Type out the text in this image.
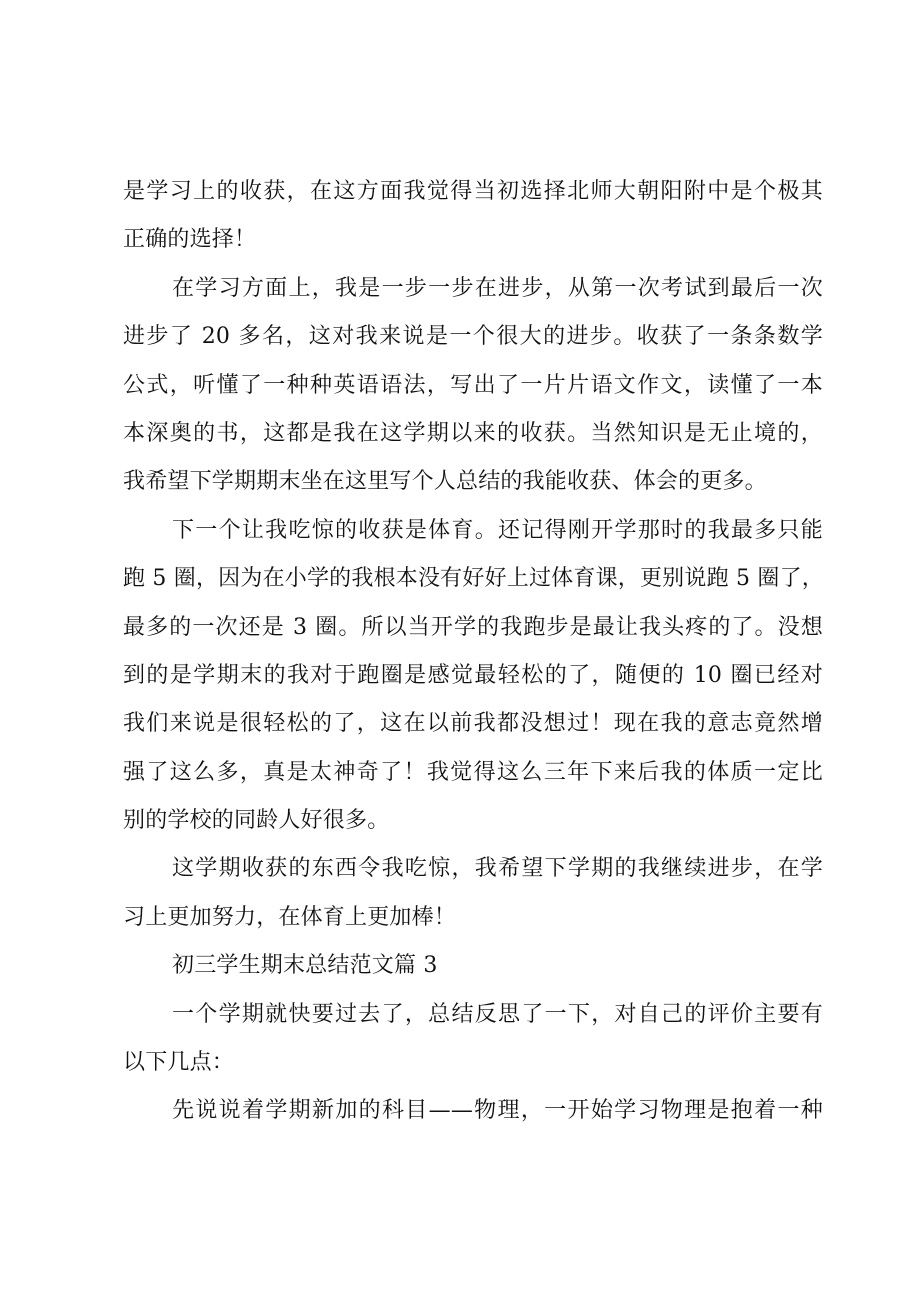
是学习上的收获，在这方面我觉得当初选择北师大朝阳附中是个极其

正确的选择！

在学习方面上，我是一步一步在进步，从第一次考试到最后一次

进步了 20 多名，这对我来说是一个很大的进步。收获了一条条数学

公式，听懂了一种种英语语法，写出了一片片语文作文，读懂了一本

本深奥的书，这都是我在这学期以来的收获。当然知识是无止境的，

我希望下学期期末坐在这里写个人总结的我能收获、体会的更多。

下一个让我吃惊的收获是体育。还记得刚开学那时的我最多只能

跑 5 圈，因为在小学的我根本没有好好上过体育课，更别说跑 5 圈了，

最多的一次还是 3 圈。所以当开学的我跑步是最让我头疼的了。没想

到的是学期末的我对于跑圈是感觉最轻松的了，随便的 10 圈已经对

我们来说是很轻松的了，这在以前我都没想过！现在我的意志竟然增

强了这么多，真是太神奇了！我觉得这么三年下来后我的体质一定比

别的学校的同龄人好很多。

这学期收获的东西令我吃惊，我希望下学期的我继续进步，在学

习上更加努力，在体育上更加棒！

初三学生期末总结范文篇 3

一个学期就快要过去了，总结反思了一下，对自己的评价主要有

以下几点：

先说说着学期新加的科目——物理，一开始学习物理是抱着一种
